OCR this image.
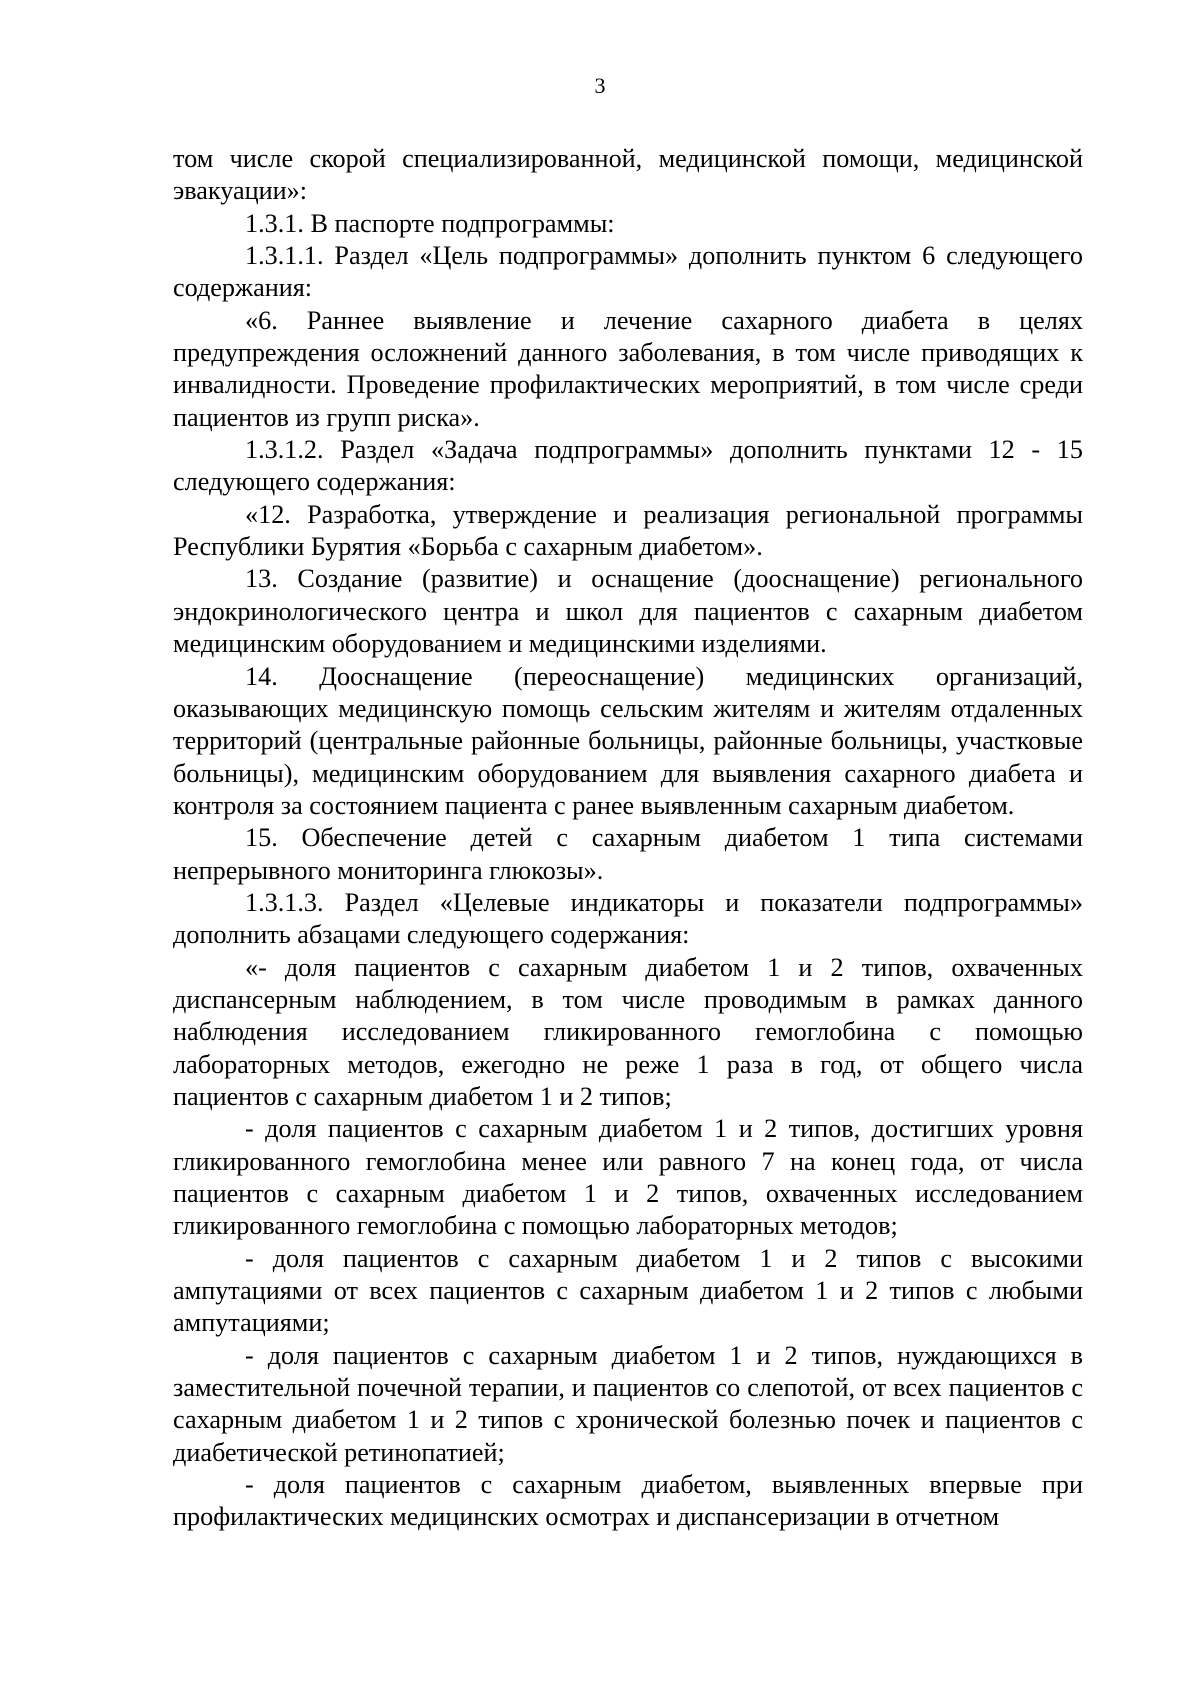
3

том числе скорой специализированной, медицинской помощи, медицинской эвакуации»:

1.3.1. В паспорте подпрограммы:

1.3.1.1. Раздел «Цель подпрограммы» дополнить пунктом 6 следующего содержания:

«6. Раннее выявление и лечение сахарного диабета в целях предупреждения осложнений данного заболевания, в том числе приводящих к инвалидности. Проведение профилактических мероприятий, в том числе среди пациентов из групп риска».

1.3.1.2. Раздел «Задача подпрограммы» дополнить пунктами 12 - 15 следующего содержания:

«12. Разработка, утверждение и реализация региональной программы Республики Бурятия «Борьба с сахарным диабетом».

13. Создание (развитие) и оснащение (дооснащение) регионального эндокринологического центра и школ для пациентов с сахарным диабетом медицинским оборудованием и медицинскими изделиями.

14. Дооснащение (переоснащение) медицинских организаций, оказывающих медицинскую помощь сельским жителям и жителям отдаленных территорий (центральные районные больницы, районные больницы, участковые больницы), медицинским оборудованием для выявления сахарного диабета и контроля за состоянием пациента с ранее выявленным сахарным диабетом.

15. Обеспечение детей с сахарным диабетом 1 типа системами непрерывного мониторинга глюкозы».

1.3.1.3. Раздел «Целевые индикаторы и показатели подпрограммы» дополнить абзацами следующего содержания:

«- доля пациентов с сахарным диабетом 1 и 2 типов, охваченных диспансерным наблюдением, в том числе проводимым в рамках данного наблюдения исследованием гликированного гемоглобина с помощью лабораторных методов, ежегодно не реже 1 раза в год, от общего числа пациентов с сахарным диабетом 1 и 2 типов;

- доля пациентов с сахарным диабетом 1 и 2 типов, достигших уровня гликированного гемоглобина менее или равного 7 на конец года, от числа пациентов с сахарным диабетом 1 и 2 типов, охваченных исследованием гликированного гемоглобина с помощью лабораторных методов;

- доля пациентов с сахарным диабетом 1 и 2 типов с высокими ампутациями от всех пациентов с сахарным диабетом 1 и 2 типов с любыми ампутациями;

- доля пациентов с сахарным диабетом 1 и 2 типов, нуждающихся в заместительной почечной терапии, и пациентов со слепотой, от всех пациентов с сахарным диабетом 1 и 2 типов с хронической болезнью почек и пациентов с диабетической ретинопатией;

- доля пациентов с сахарным диабетом, выявленных впервые при профилактических медицинских осмотрах и диспансеризации в отчетном
